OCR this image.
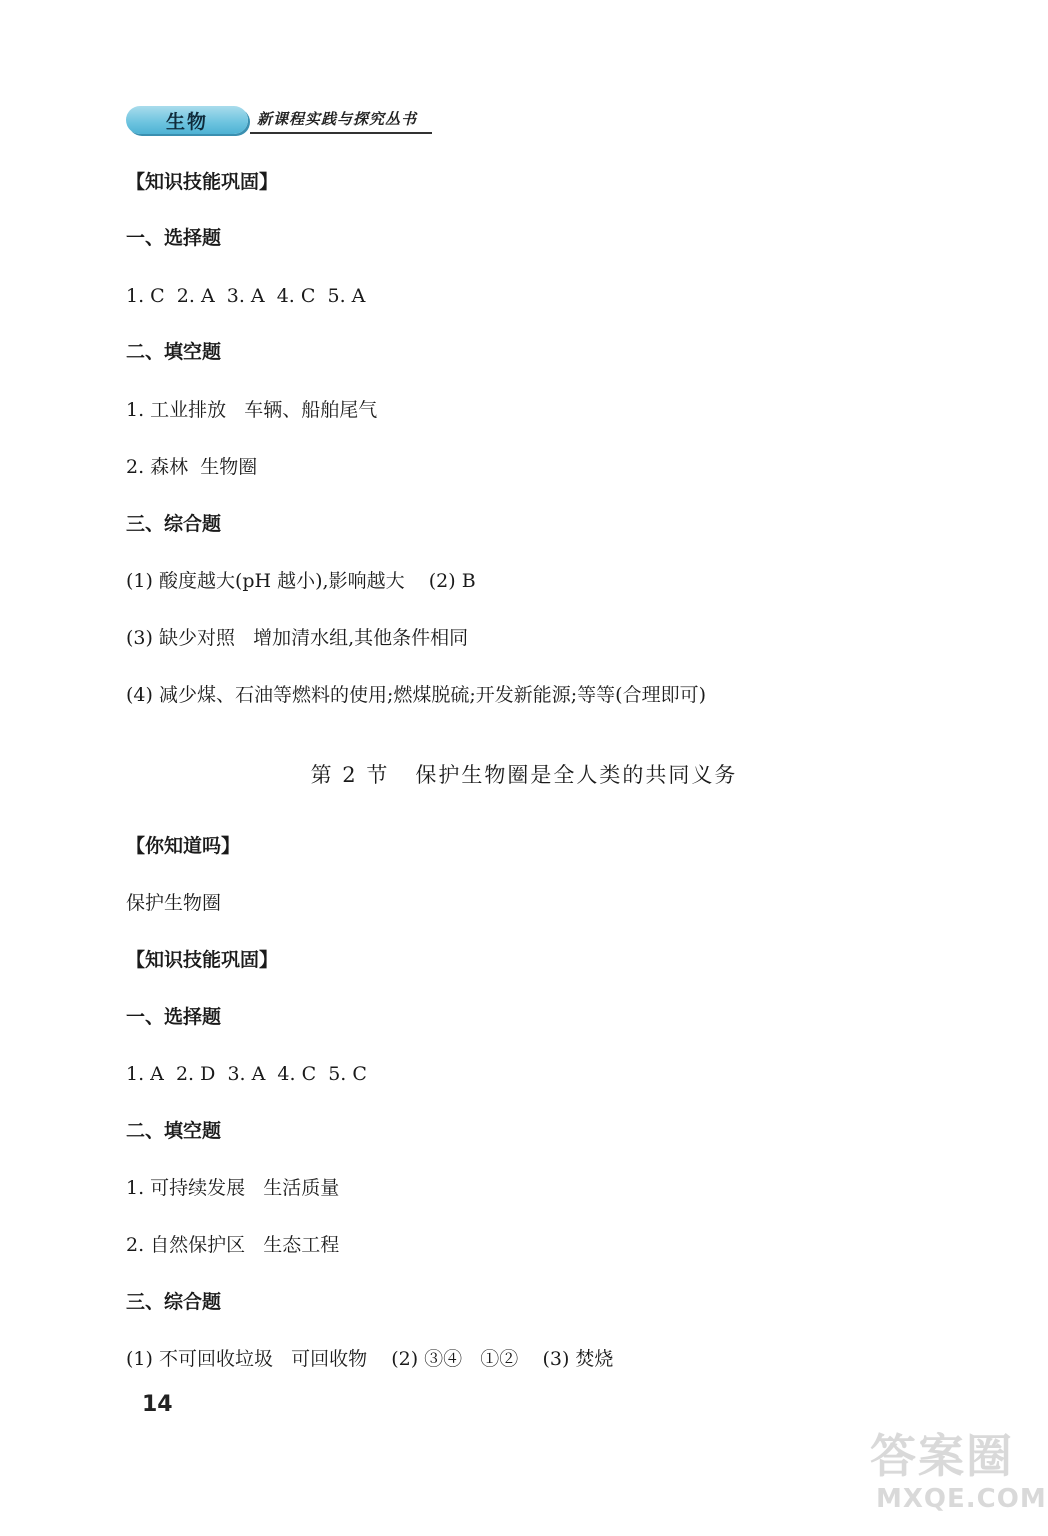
生物	新课程实践与探究丛书
【知识技能巩固】
一、选择题
1. C  2. A  3. A  4. C  5. A
二、填空题
1. 工业排放   车辆、船舶尾气
2. 森林  生物圈
三、综合题
(1) 酸度越大(pH 越小),影响越大    (2) B
(3) 缺少对照   增加清水组,其他条件相同
(4) 减少煤、石油等燃料的使用;燃煤脱硫;开发新能源;等等(合理即可)
第 2 节   保护生物圈是全人类的共同义务
【你知道吗】
保护生物圈
【知识技能巩固】
一、选择题
1. A  2. D  3. A  4. C  5. C
二、填空题
1. 可持续发展   生活质量
2. 自然保护区   生态工程
三、综合题
(1) 不可回收垃圾   可回收物    (2) ③④   ①②    (3) 焚烧
14
答案圈
MXQE.COM
